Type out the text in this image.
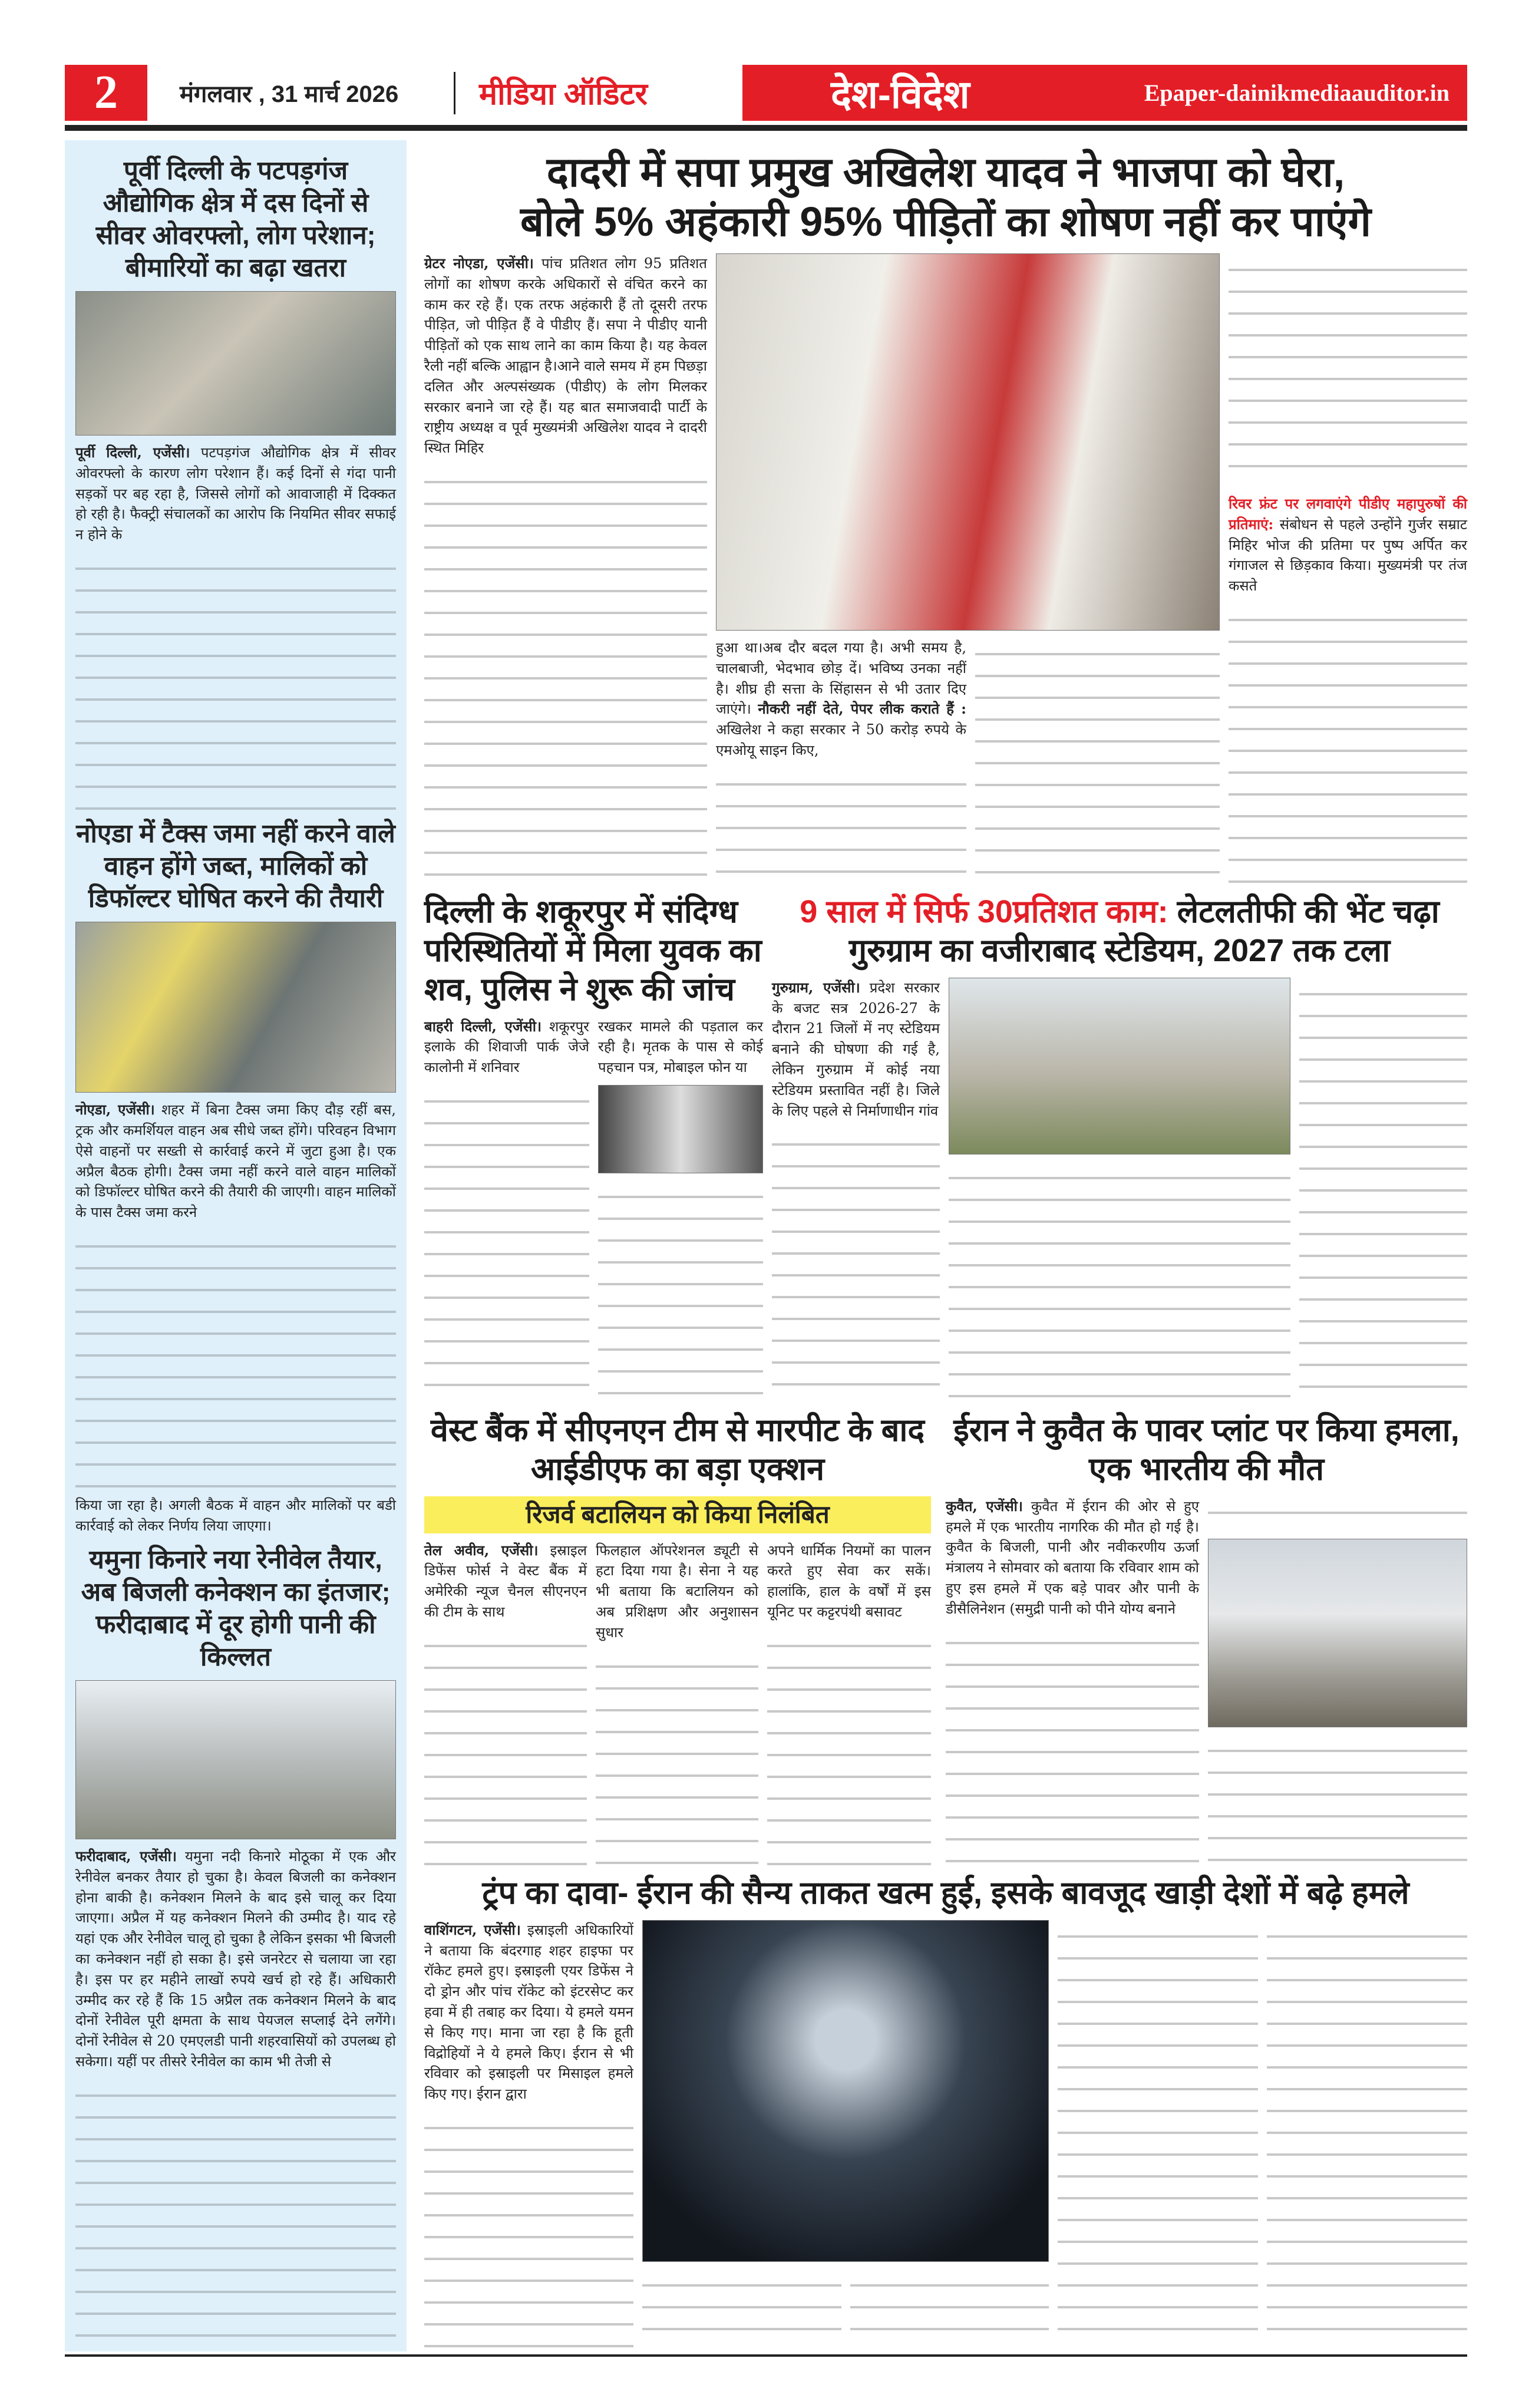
2	मंगलवार , 31 मार्च 2026	मीडिया ऑडिटर	देश-विदेश	Epaper-dainikmediaauditor.in
पूर्वी दिल्ली के पटपड़गंज औद्योगिक क्षेत्र में दस दिनों से सीवर ओवरफ्लो, लोग परेशान; बीमारियों का बढ़ा खतरा
पूर्वी दिल्ली, एजेंसी। पटपड़गंज औद्योगिक क्षेत्र में सीवर ओवरफ्लो के कारण लोग परेशान हैं। कई दिनों से गंदा पानी सड़कों पर बह रहा है, जिससे लोगों को आवाजाही में दिक्कत हो रही है। फैक्ट्री संचालकों का आरोप कि नियमित सीवर सफाई न होने के
नोएडा में टैक्स जमा नहीं करने वाले वाहन होंगे जब्त, मालिकों को डिफॉल्टर घोषित करने की तैयारी
नोएडा, एजेंसी। शहर में बिना टैक्स जमा किए दौड़ रहीं बस, ट्रक और कमर्शियल वाहन अब सीधे जब्त होंगे। परिवहन विभाग ऐसे वाहनों पर सख्ती से कार्रवाई करने में जुटा हुआ है। एक अप्रैल बैठक होगी। टैक्स जमा नहीं करने वाले वाहन मालिकों को डिफॉल्टर घोषित करने की तैयारी की जाएगी। वाहन मालिकों के पास टैक्स जमा करने
किया जा रहा है। अगली बैठक में वाहन और मालिकों पर बडी कार्रवाई को लेकर निर्णय लिया जाएगा।
यमुना किनारे नया रेनीवेल तैयार, अब बिजली कनेक्शन का इंतजार; फरीदाबाद में दूर होगी पानी की किल्लत
फरीदाबाद, एजेंसी। यमुना नदी किनारे मोठूका में एक और रेनीवेल बनकर तैयार हो चुका है। केवल बिजली का कनेक्शन होना बाकी है। कनेक्शन मिलने के बाद इसे चालू कर दिया जाएगा। अप्रैल में यह कनेक्शन मिलने की उम्मीद है। याद रहे यहां एक और रेनीवेल चालू हो चुका है लेकिन इसका भी बिजली का कनेक्शन नहीं हो सका है। इसे जनरेटर से चलाया जा रहा है। इस पर हर महीने लाखों रुपये खर्च हो रहे हैं। अधिकारी उम्मीद कर रहे हैं कि 15 अप्रैल तक कनेक्शन मिलने के बाद दोनों रेनीवेल पूरी क्षमता के साथ पेयजल सप्लाई देने लगेंगे। दोनों रेनीवेल से 20 एमएलडी पानी शहरवासियों को उपलब्ध हो सकेगा। यहीं पर तीसरे रेनीवेल का काम भी तेजी से
दादरी में सपा प्रमुख अखिलेश यादव ने भाजपा को घेरा,
बोले 5% अहंकारी 95% पीड़ितों का शोषण नहीं कर पाएंगे
ग्रेटर नोएडा, एजेंसी। पांच प्रतिशत लोग 95 प्रतिशत लोगों का शोषण करके अधिकारों से वंचित करने का काम कर रहे हैं। एक तरफ अहंकारी हैं तो दूसरी तरफ पीड़ित, जो पीड़ित हैं वे पीडीए हैं। सपा ने पीडीए यानी पीड़ितों को एक साथ लाने का काम किया है। यह केवल रैली नहीं बल्कि आह्वान है।आने वाले समय में हम पिछड़ा दलित और अल्पसंख्यक (पीडीए) के लोग मिलकर सरकार बनाने जा रहे हैं। यह बात समाजवादी पार्टी के राष्ट्रीय अध्यक्ष व पूर्व मुख्यमंत्री अखिलेश यादव ने दादरी स्थित मिहिर
हुआ था।अब दौर बदल गया है। अभी समय है, चालबाजी, भेदभाव छोड़ दें। भविष्य उनका नहीं है। शीघ्र ही सत्ता के सिंहासन से भी उतार दिए जाएंगे। नौकरी नहीं देते, पेपर लीक कराते हैं : अखिलेश ने कहा सरकार ने 50 करोड़ रुपये के एमओयू साइन किए,
रिवर फ्रंट पर लगवाएंगे पीडीए महापुरुषों की प्रतिमाएं: संबोधन से पहले उन्होंने गुर्जर सम्राट मिहिर भोज की प्रतिमा पर पुष्प अर्पित कर गंगाजल से छिड़काव किया। मुख्यमंत्री पर तंज कसते
दिल्ली के शकूरपुर में संदिग्ध परिस्थितियों में मिला युवक का शव, पुलिस ने शुरू की जांच
बाहरी दिल्ली, एजेंसी। शकूरपुर इलाके की शिवाजी पार्क जेजे कालोनी में शनिवार
रखकर मामले की पड़ताल कर रही है। मृतक के पास से कोई पहचान पत्र, मोबाइल फोन या
9 साल में सिर्फ 30प्रतिशत काम: लेटलतीफी की भेंट चढ़ा गुरुग्राम का वजीराबाद स्टेडियम, 2027 तक टला
गुरुग्राम, एजेंसी। प्रदेश सरकार के बजट सत्र 2026-27 के दौरान 21 जिलों में नए स्टेडियम बनाने की घोषणा की गई है, लेकिन गुरुग्राम में कोई नया स्टेडियम प्रस्तावित नहीं है। जिले के लिए पहले से निर्माणाधीन गांव
वेस्ट बैंक में सीएनएन टीम से मारपीट के बाद आईडीएफ का बड़ा एक्शन
रिजर्व बटालियन को किया निलंबित
तेल अवीव, एजेंसी। इस्राइल डिफेंस फोर्स ने वेस्ट बैंक में अमेरिकी न्यूज चैनल सीएनएन की टीम के साथ
फिलहाल ऑपरेशनल ड्यूटी से हटा दिया गया है। सेना ने यह भी बताया कि बटालियन को अब प्रशिक्षण और अनुशासन सुधार
अपने धार्मिक नियमों का पालन करते हुए सेवा कर सकें। हालांकि, हाल के वर्षों में इस यूनिट पर कट्टरपंथी बसावट
ईरान ने कुवैत के पावर प्लांट पर किया हमला, एक भारतीय की मौत
कुवैत, एजेंसी। कुवैत में ईरान की ओर से हुए हमले में एक भारतीय नागरिक की मौत हो गई है। कुवैत के बिजली, पानी और नवीकरणीय ऊर्जा मंत्रालय ने सोमवार को बताया कि रविवार शाम को हुए इस हमले में एक बड़े पावर और पानी के डीसैलिनेशन (समुद्री पानी को पीने योग्य बनाने
ट्रंप का दावा- ईरान की सैन्य ताकत खत्म हुई, इसके बावजूद खाड़ी देशों में बढ़े हमले
वाशिंगटन, एजेंसी। इस्राइली अधिकारियों ने बताया कि बंदरगाह शहर हाइफा पर रॉकेट हमले हुए। इस्राइली एयर डिफेंस ने दो ड्रोन और पांच रॉकेट को इंटरसेप्ट कर हवा में ही तबाह कर दिया। ये हमले यमन से किए गए। माना जा रहा है कि हूती विद्रोहियों ने ये हमले किए। ईरान से भी रविवार को इस्राइली पर मिसाइल हमले किए गए। ईरान द्वारा
